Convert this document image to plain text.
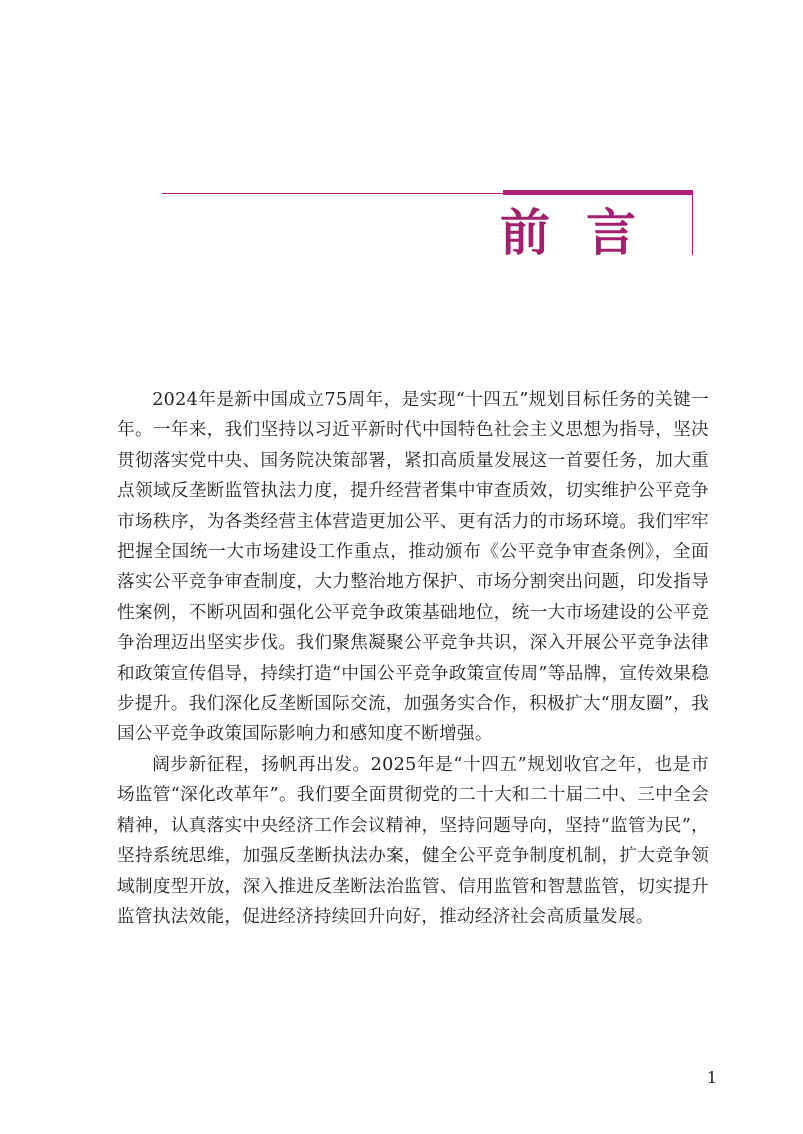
前言

2024年是新中国成立75周年，是实现“十四五”规划目标任务的关键一年。一年来，我们坚持以习近平新时代中国特色社会主义思想为指导，坚决贯彻落实党中央、国务院决策部署，紧扣高质量发展这一首要任务，加大重点领域反垄断监管执法力度，提升经营者集中审查质效，切实维护公平竞争市场秩序，为各类经营主体营造更加公平、更有活力的市场环境。我们牢牢把握全国统一大市场建设工作重点，推动颁布《公平竞争审查条例》，全面落实公平竞争审查制度，大力整治地方保护、市场分割突出问题，印发指导性案例，不断巩固和强化公平竞争政策基础地位，统一大市场建设的公平竞争治理迈出坚实步伐。我们聚焦凝聚公平竞争共识，深入开展公平竞争法律和政策宣传倡导，持续打造“中国公平竞争政策宣传周”等品牌，宣传效果稳步提升。我们深化反垄断国际交流，加强务实合作，积极扩大“朋友圈”，我国公平竞争政策国际影响力和感知度不断增强。

阔步新征程，扬帆再出发。2025年是“十四五”规划收官之年，也是市场监管“深化改革年”。我们要全面贯彻党的二十大和二十届二中、三中全会精神，认真落实中央经济工作会议精神，坚持问题导向，坚持“监管为民”，坚持系统思维，加强反垄断执法办案，健全公平竞争制度机制，扩大竞争领域制度型开放，深入推进反垄断法治监管、信用监管和智慧监管，切实提升监管执法效能，促进经济持续回升向好，推动经济社会高质量发展。

1
